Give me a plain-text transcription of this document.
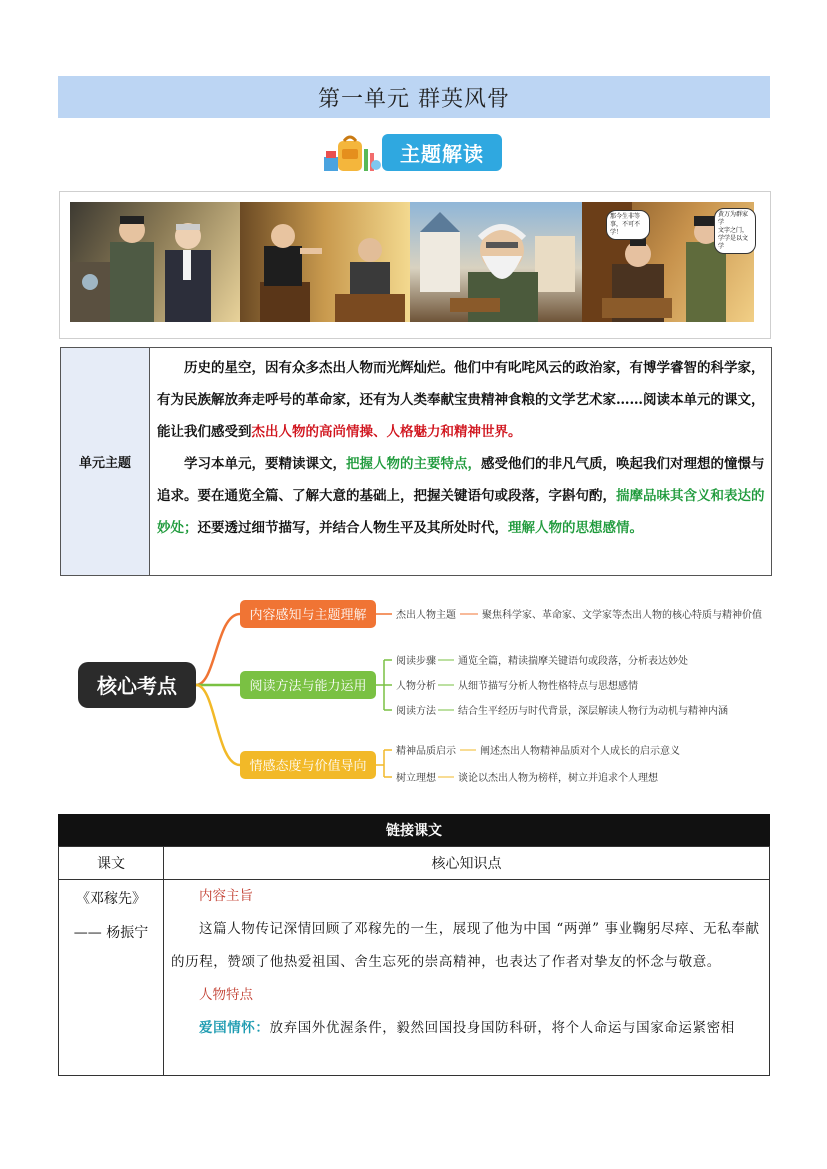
第一单元 群英风骨
主题解读
那今生非等事，不可不学！
黄万为群家学
文字之门，学学是以文学
单元主题

历史的星空，因有众多杰出人物而光辉灿烂。他们中有叱咤风云的政治家，有博学睿智的科学家，有为民族解放奔走呼号的革命家，还有为人类奉献宝贵精神食粮的文学艺术家……阅读本单元的课文，能让我们感受到杰出人物的高尚情操、人格魅力和精神世界。

学习本单元，要精读课文，把握人物的主要特点，感受他们的非凡气质，唤起我们对理想的憧憬与追求。要在通览全篇、了解大意的基础上，把握关键语句或段落，字斟句酌，揣摩品味其含义和表达的妙处；还要透过细节描写，并结合人物生平及其所处时代，理解人物的思想感情。

核心考点
内容感知与主题理解	杰出人物主题	聚焦科学家、革命家、文学家等杰出人物的核心特质与精神价值
阅读方法与能力运用
阅读步骤 通览全篇，精读揣摩关键语句或段落，分析表达妙处
人物分析 从细节描写分析人物性格特点与思想感情
阅读方法 结合生平经历与时代背景，深层解读人物行为动机与精神内涵
情感态度与价值导向
精神品质启示 阐述杰出人物精神品质对个人成长的启示意义
树立理想 谈论以杰出人物为榜样，树立并追求个人理想
链接课文
课文	核心知识点
《邓稼先》
—— 杨振宁
内容主旨
这篇人物传记深情回顾了邓稼先的一生，展现了他为中国 “两弹” 事业鞠躬尽瘁、无私奉献的历程，赞颂了他热爱祖国、舍生忘死的崇高精神，也表达了作者对挚友的怀念与敬意。
人物特点
爱国情怀：放弃国外优渥条件，毅然回国投身国防科研，将个人命运与国家命运紧密相
